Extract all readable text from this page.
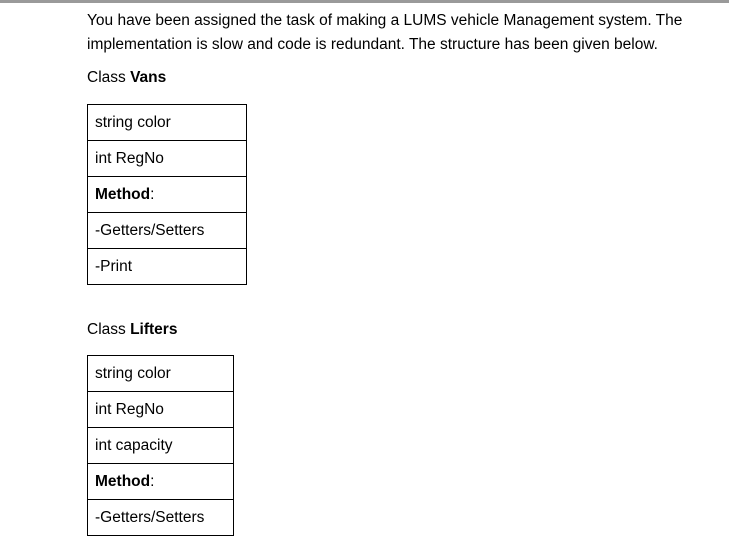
You have been assigned the task of making a LUMS vehicle Management system. The implementation is slow and code is redundant. The structure has been given below.
Class Vans
string color
int RegNo
Method:
-Getters/Setters
-Print
Class Lifters
string color
int RegNo
int capacity
Method:
-Getters/Setters
